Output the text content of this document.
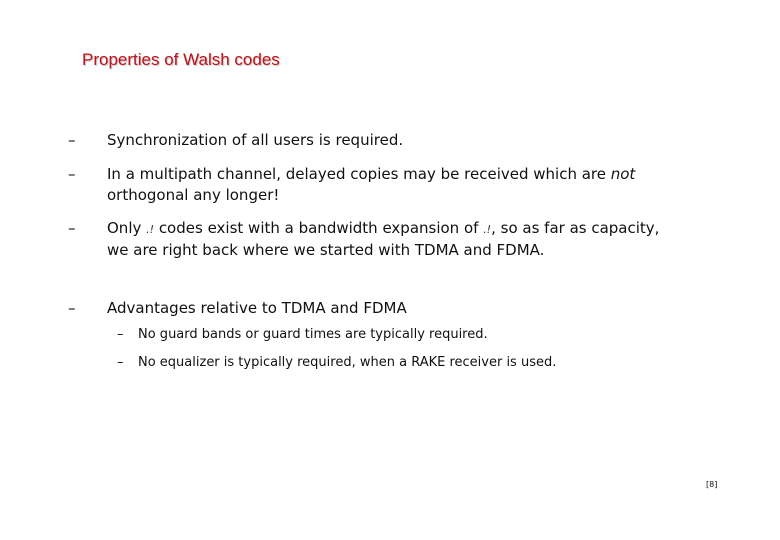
Properties of Walsh codes
– Synchronization of all users is required.
– In a multipath channel, delayed copies may be received which are not
orthogonal any longer!
– Only .! codes exist with a bandwidth expansion of .!, so as far as capacity,
we are right back where we started with TDMA and FDMA.
– Advantages relative to TDMA and FDMA
– No guard bands or guard times are typically required.
– No equalizer is typically required, when a RAKE receiver is used.
[8]
